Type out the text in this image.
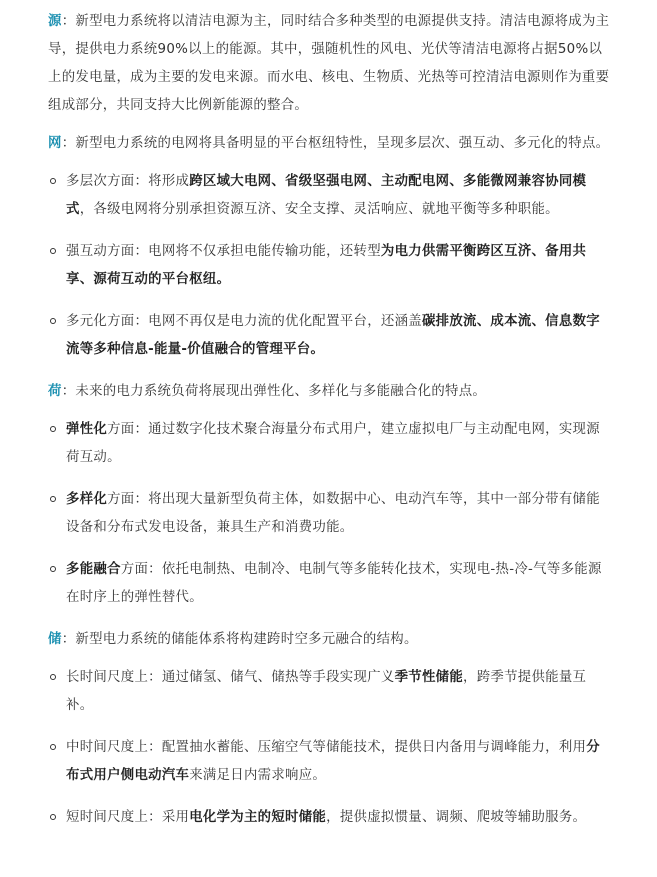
源：新型电力系统将以清洁电源为主，同时结合多种类型的电源提供支持。清洁电源将成为主导，提供电力系统90%以上的能源。其中，强随机性的风电、光伏等清洁电源将占据50%以上的发电量，成为主要的发电来源。而水电、核电、生物质、光热等可控清洁电源则作为重要组成部分，共同支持大比例新能源的整合。

网：新型电力系统的电网将具备明显的平台枢纽特性，呈现多层次、强互动、多元化的特点。

多层次方面：将形成跨区域大电网、省级坚强电网、主动配电网、多能微网兼容协同模式，各级电网将分别承担资源互济、安全支撑、灵活响应、就地平衡等多种职能。
强互动方面：电网将不仅承担电能传输功能，还转型为电力供需平衡跨区互济、备用共享、源荷互动的平台枢纽。
多元化方面：电网不再仅是电力流的优化配置平台，还涵盖碳排放流、成本流、信息数字流等多种信息-能量-价值融合的管理平台。

荷：未来的电力系统负荷将展现出弹性化、多样化与多能融合化的特点。

弹性化方面：通过数字化技术聚合海量分布式用户，建立虚拟电厂与主动配电网，实现源荷互动。
多样化方面：将出现大量新型负荷主体，如数据中心、电动汽车等，其中一部分带有储能设备和分布式发电设备，兼具生产和消费功能。
多能融合方面：依托电制热、电制冷、电制气等多能转化技术，实现电-热-冷-气等多能源在时序上的弹性替代。

储：新型电力系统的储能体系将构建跨时空多元融合的结构。

长时间尺度上：通过储氢、储气、储热等手段实现广义季节性储能，跨季节提供能量互补。
中时间尺度上：配置抽水蓄能、压缩空气等储能技术，提供日内备用与调峰能力，利用分布式用户侧电动汽车来满足日内需求响应。
短时间尺度上：采用电化学为主的短时储能，提供虚拟惯量、调频、爬坡等辅助服务。
